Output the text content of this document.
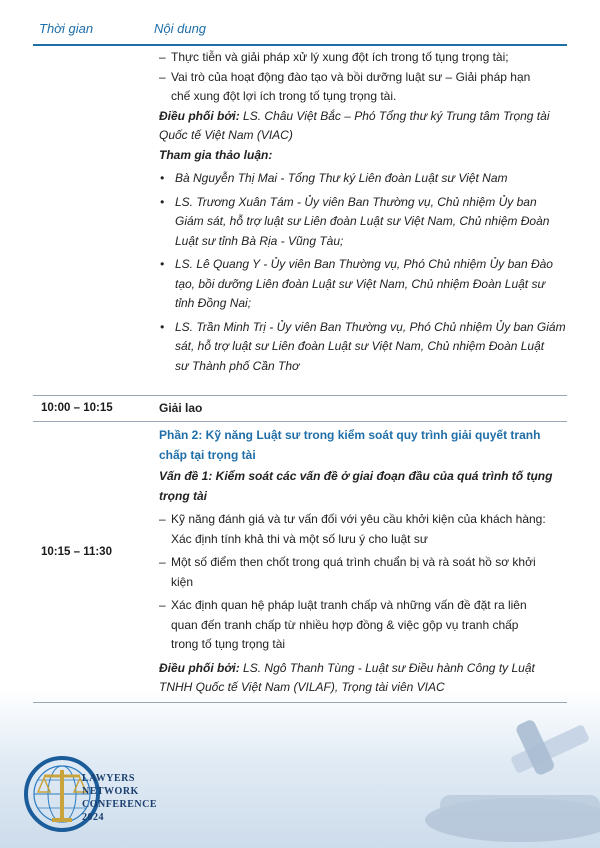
Thời gian	Nội dung
– Thực tiễn và giải pháp xử lý xung đột ích trong tố tụng trọng tài;
– Vai trò của hoạt động đào tạo và bồi dưỡng luật sư – Giải pháp hạn
chế xung đột lợi ích trong tố tụng trọng tài.
Điều phối bởi: LS. Châu Việt Bắc – Phó Tổng thư ký Trung tâm Trọng tài
Quốc tế Việt Nam (VIAC)
Tham gia thảo luận:
• Bà Nguyễn Thị Mai - Tổng Thư ký Liên đoàn Luật sư Việt Nam
• LS. Trương Xuân Tám - Ủy viên Ban Thường vụ, Chủ nhiệm Ủy ban
Giám sát, hỗ trợ luật sư Liên đoàn Luật sư Việt Nam, Chủ nhiệm Đoàn
Luật sư tỉnh Bà Rịa - Vũng Tàu;
• LS. Lê Quang Y - Ủy viên Ban Thường vụ, Phó Chủ nhiệm Ủy ban Đào
tạo, bồi dưỡng Liên đoàn Luật sư Việt Nam, Chủ nhiệm Đoàn Luật sư
tỉnh Đồng Nai;
• LS. Trần Minh Trị - Ủy viên Ban Thường vụ, Phó Chủ nhiệm Ủy ban Giám
sát, hỗ trợ luật sư Liên đoàn Luật sư Việt Nam, Chủ nhiệm Đoàn Luật
sư Thành phố Cần Thơ
10:00 – 10:15	Giải lao
10:15 – 11:30
Phần 2: Kỹ năng Luật sư trong kiểm soát quy trình giải quyết tranh
chấp tại trọng tài
Vấn đề 1: Kiểm soát các vấn đề ở giai đoạn đầu của quá trình tố tụng
trọng tài
– Kỹ năng đánh giá và tư vấn đối với yêu cầu khởi kiện của khách hàng:
Xác định tính khả thi và một số lưu ý cho luật sư
– Một số điểm then chốt trong quá trình chuẩn bị và rà soát hồ sơ khởi
kiện
– Xác định quan hệ pháp luật tranh chấp và những vấn đề đặt ra liên
quan đến tranh chấp từ nhiều hợp đồng & việc gộp vụ tranh chấp
trong tố tụng trọng tài
Điều phối bởi: LS. Ngô Thanh Tùng - Luật sư Điều hành Công ty Luật
TNHH Quốc tế Việt Nam (VILAF), Trọng tài viên VIAC
LAWYERS
NETWORK
CONFERENCE
2024
